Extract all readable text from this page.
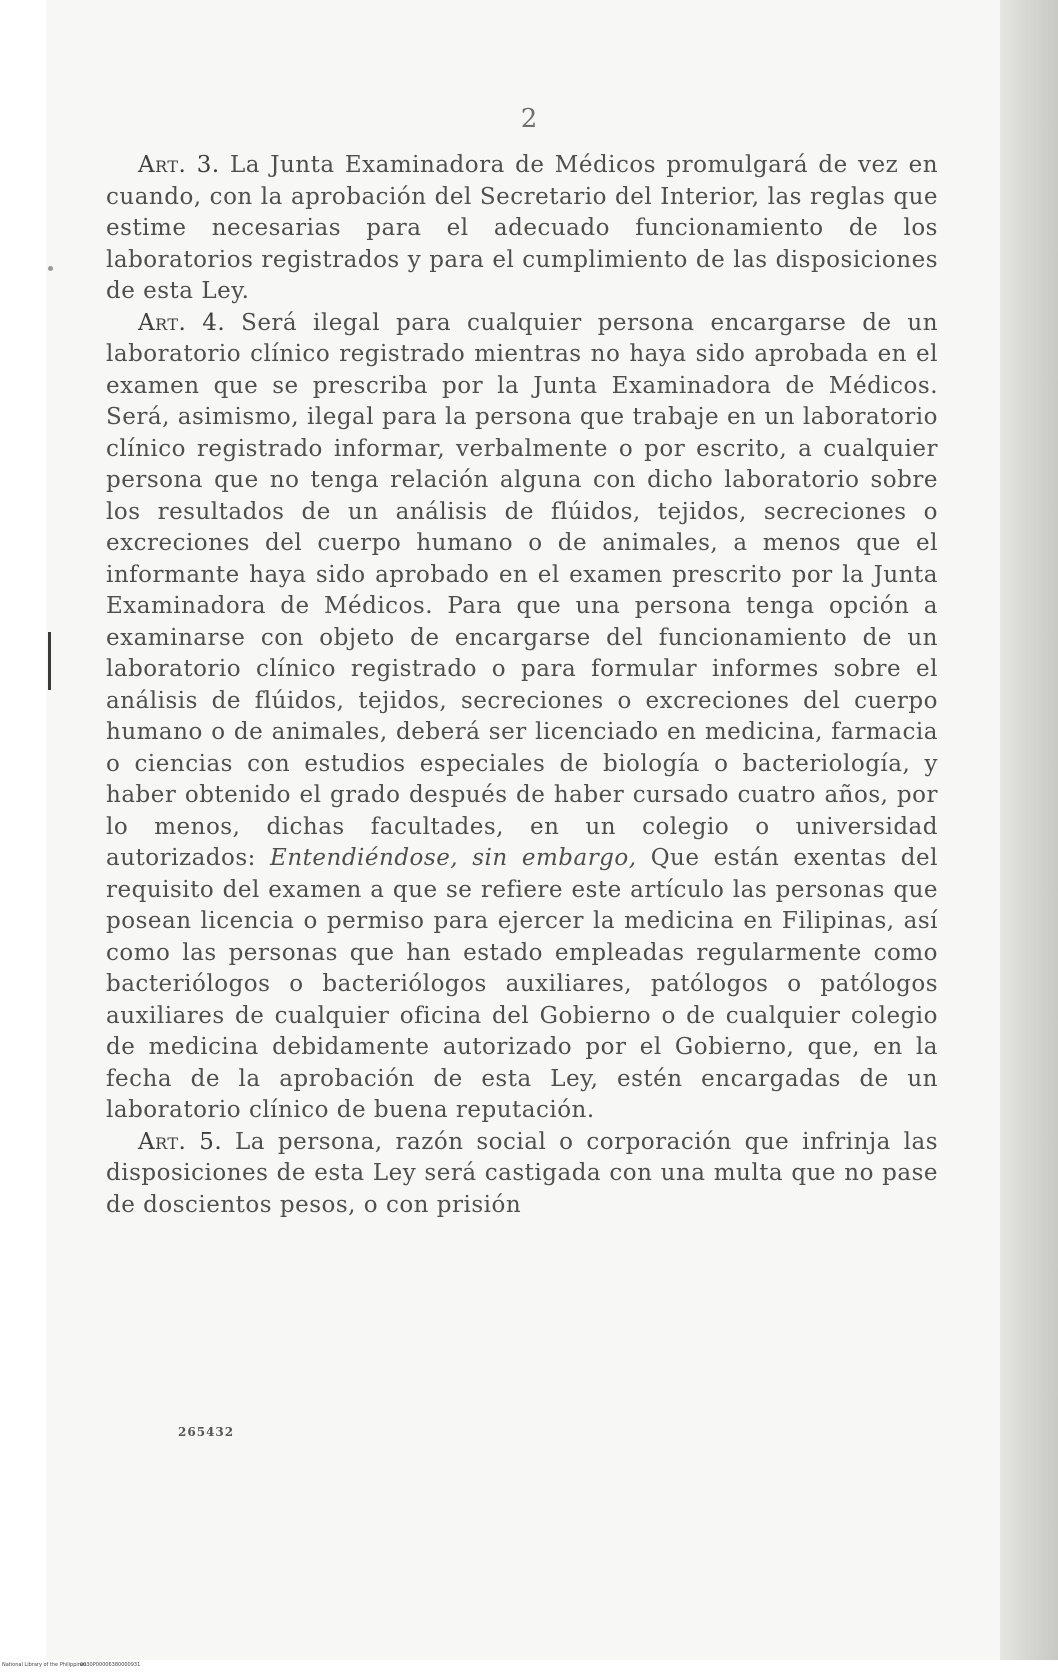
2

Art. 3. La Junta Examinadora de Médicos promulgará de vez en cuando, con la aprobación del Secretario del Interior, las reglas que estime necesarias para el adecuado funcionamiento de los laboratorios registrados y para el cumplimiento de las disposiciones de esta Ley.

Art. 4. Será ilegal para cualquier persona encargarse de un laboratorio clínico registrado mientras no haya sido aprobada en el examen que se prescriba por la Junta Examinadora de Médicos. Será, asimismo, ilegal para la persona que trabaje en un laboratorio clínico registrado informar, verbalmente o por escrito, a cualquier persona que no tenga relación alguna con dicho laboratorio sobre los resultados de un análisis de flúidos, tejidos, secreciones o excreciones del cuerpo humano o de animales, a menos que el informante haya sido aprobado en el examen prescrito por la Junta Examinadora de Médicos. Para que una persona tenga opción a examinarse con objeto de encargarse del funcionamiento de un laboratorio clínico registrado o para formular informes sobre el análisis de flúidos, tejidos, secreciones o excreciones del cuerpo humano o de animales, deberá ser licenciado en medicina, farmacia o ciencias con estudios especiales de biología o bacteriología, y haber obtenido el grado después de haber cursado cuatro años, por lo menos, dichas facultades, en un colegio o universidad autorizados: Entendiéndose, sin embargo, Que están exentas del requisito del examen a que se refiere este artículo las personas que posean licencia o permiso para ejercer la medicina en Filipinas, así como las personas que han estado empleadas regularmente como bacteriólogos o bacteriólogos auxiliares, patólogos o patólogos auxiliares de cualquier oficina del Gobierno o de cualquier colegio de medicina debidamente autorizado por el Gobierno, que, en la fecha de la aprobación de esta Ley, estén encargadas de un laboratorio clínico de buena reputación.

Art. 5. La persona, razón social o corporación que infrinja las disposiciones de esta Ley será castigada con una multa que no pase de doscientos pesos, o con prisión

265432
National Library of the Philippines
0030P00006380000931
